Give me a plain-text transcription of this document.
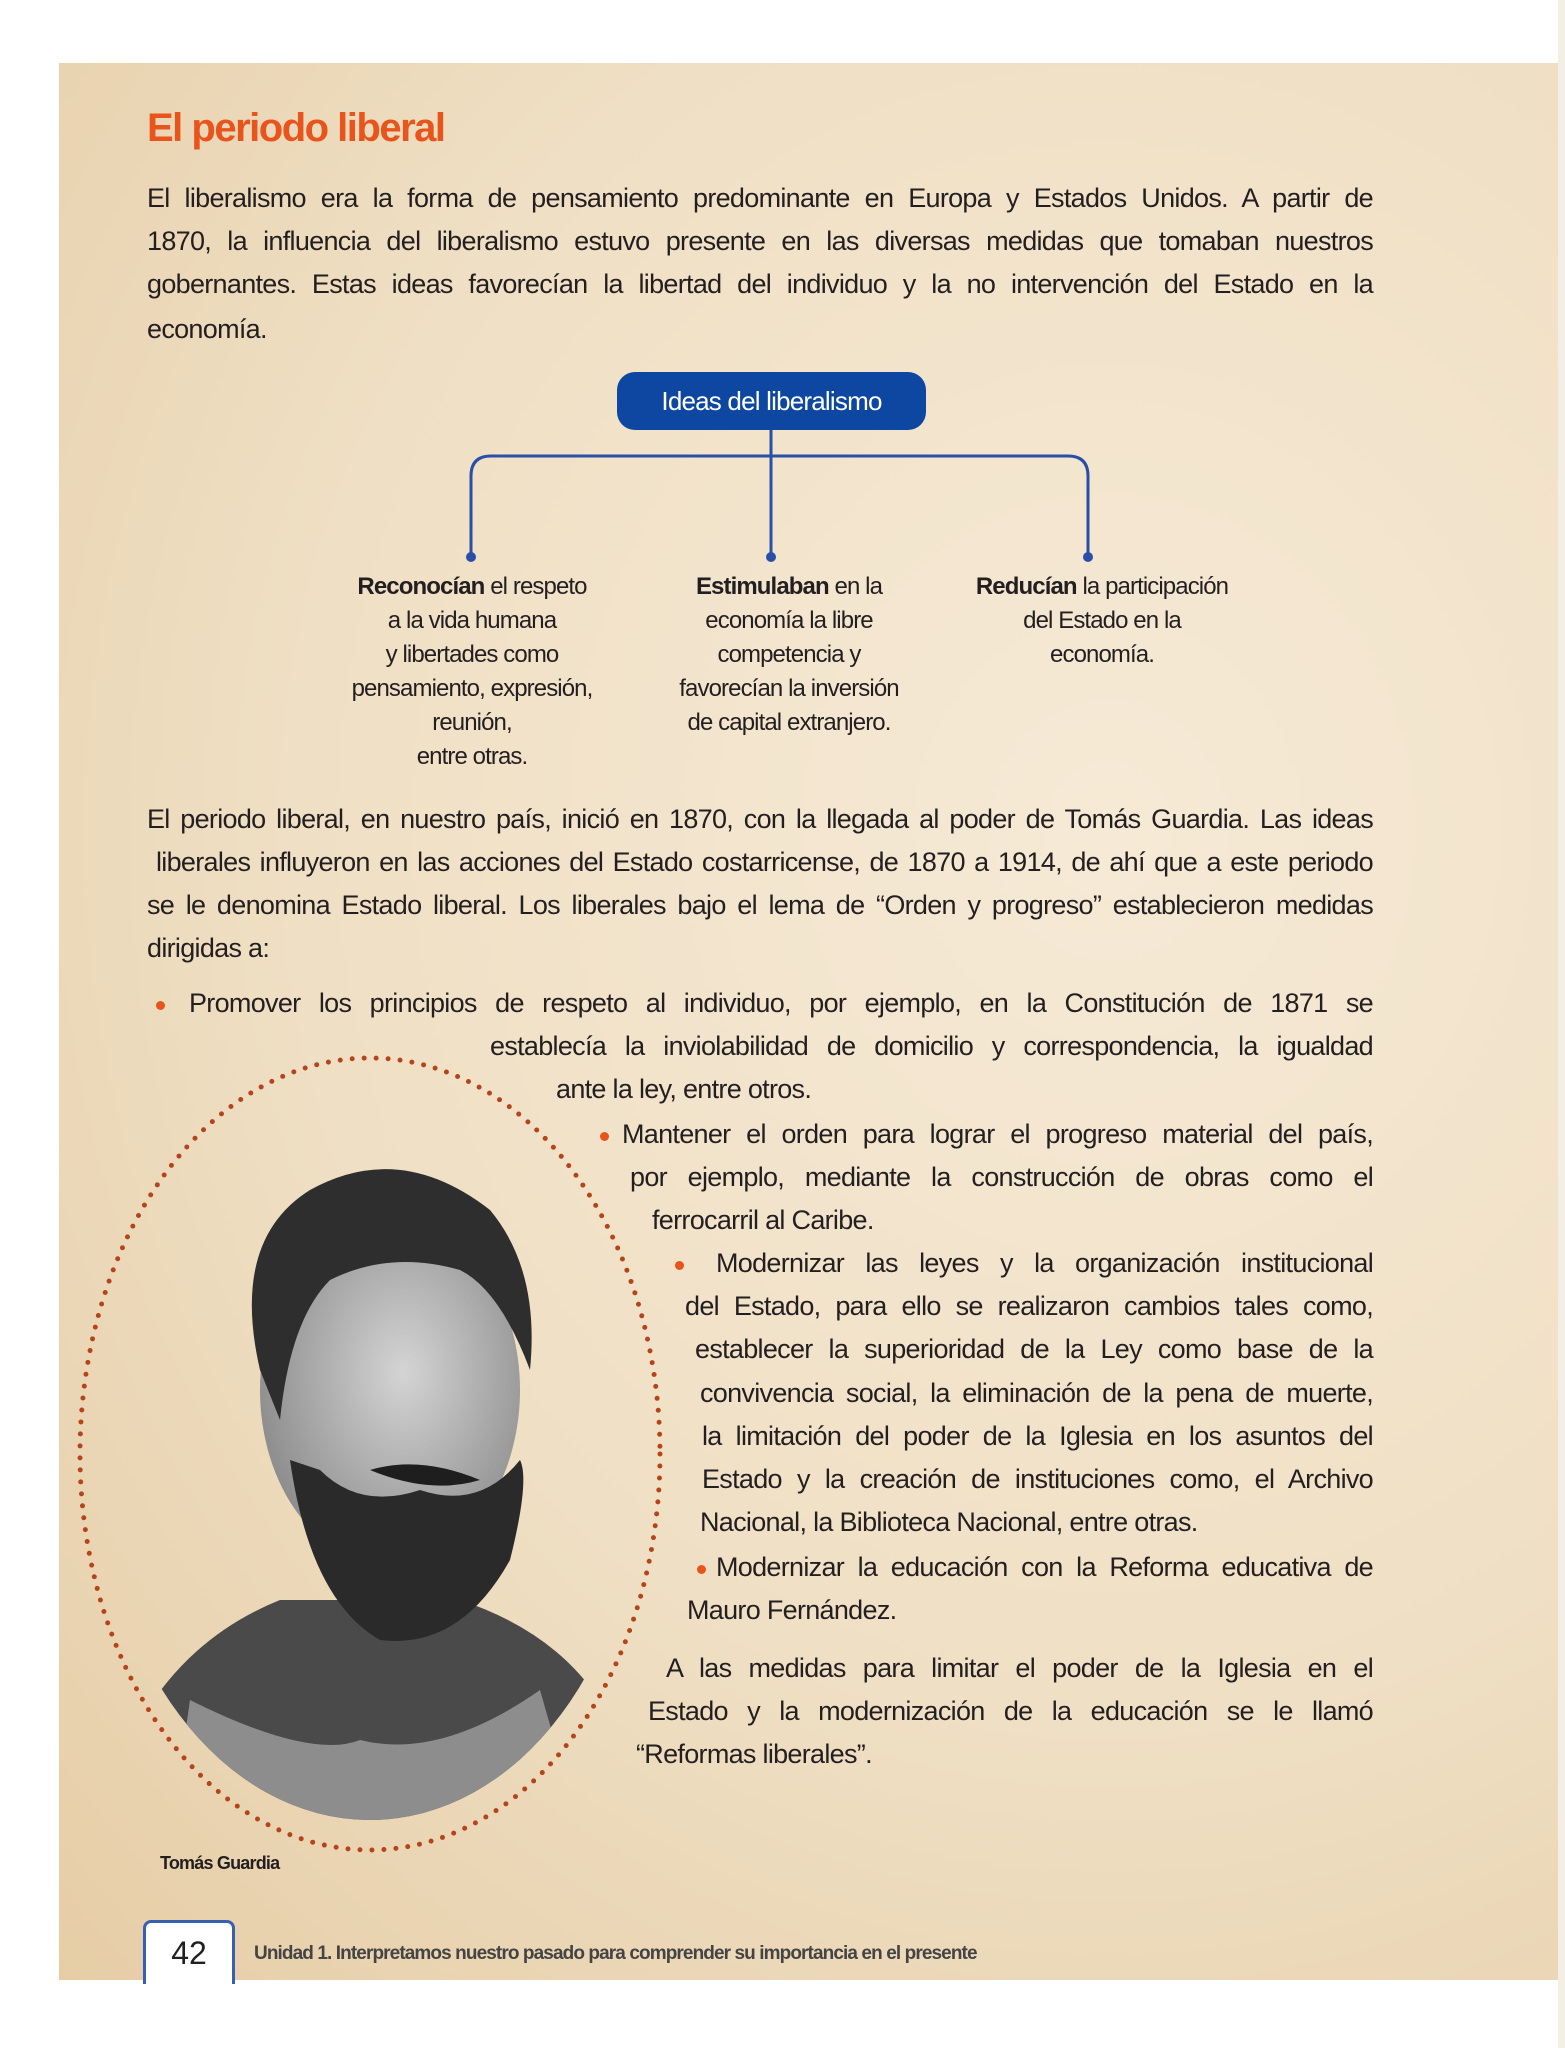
El periodo liberal
El liberalismo era la forma de pensamiento predominante en Europa y Estados Unidos. A partir de
1870, la influencia del liberalismo estuvo presente en las diversas medidas que tomaban nuestros
gobernantes. Estas ideas favorecían la libertad del individuo y la no intervención del Estado en la
economía.
Ideas del liberalismo
Reconocían el respeto
a la vida humana
y libertades como
pensamiento, expresión,
reunión,
entre otras.
Estimulaban en la
economía la libre
competencia y
favorecían la inversión
de capital extranjero.
Reducían la participación
del Estado en la
economía.
El periodo liberal, en nuestro país, inició en 1870, con la llegada al poder de Tomás Guardia. Las ideas
liberales influyeron en las acciones del Estado costarricense, de 1870 a 1914, de ahí que a este periodo
se le denomina Estado liberal. Los liberales bajo el lema de “Orden y progreso” establecieron medidas
dirigidas a:
Promover los principios de respeto al individuo, por ejemplo, en la Constitución de 1871 se
establecía la inviolabilidad de domicilio y correspondencia, la igualdad
ante la ley, entre otros.
Mantener el orden para lograr el progreso material del país,
por ejemplo, mediante la construcción de obras como el
ferrocarril al Caribe.
Modernizar las leyes y la organización institucional
del Estado, para ello se realizaron cambios tales como,
establecer la superioridad de la Ley como base de la
convivencia social, la eliminación de la pena de muerte,
la limitación del poder de la Iglesia en los asuntos del
Estado y la creación de instituciones como, el Archivo
Nacional, la Biblioteca Nacional, entre otras.
Modernizar la educación con la Reforma educativa de
Mauro Fernández.
A las medidas para limitar el poder de la Iglesia en el
Estado y la modernización de la educación se le llamó
“Reformas liberales”.
Tomás Guardia
42	Unidad 1. Interpretamos nuestro pasado para comprender su importancia en el presente
